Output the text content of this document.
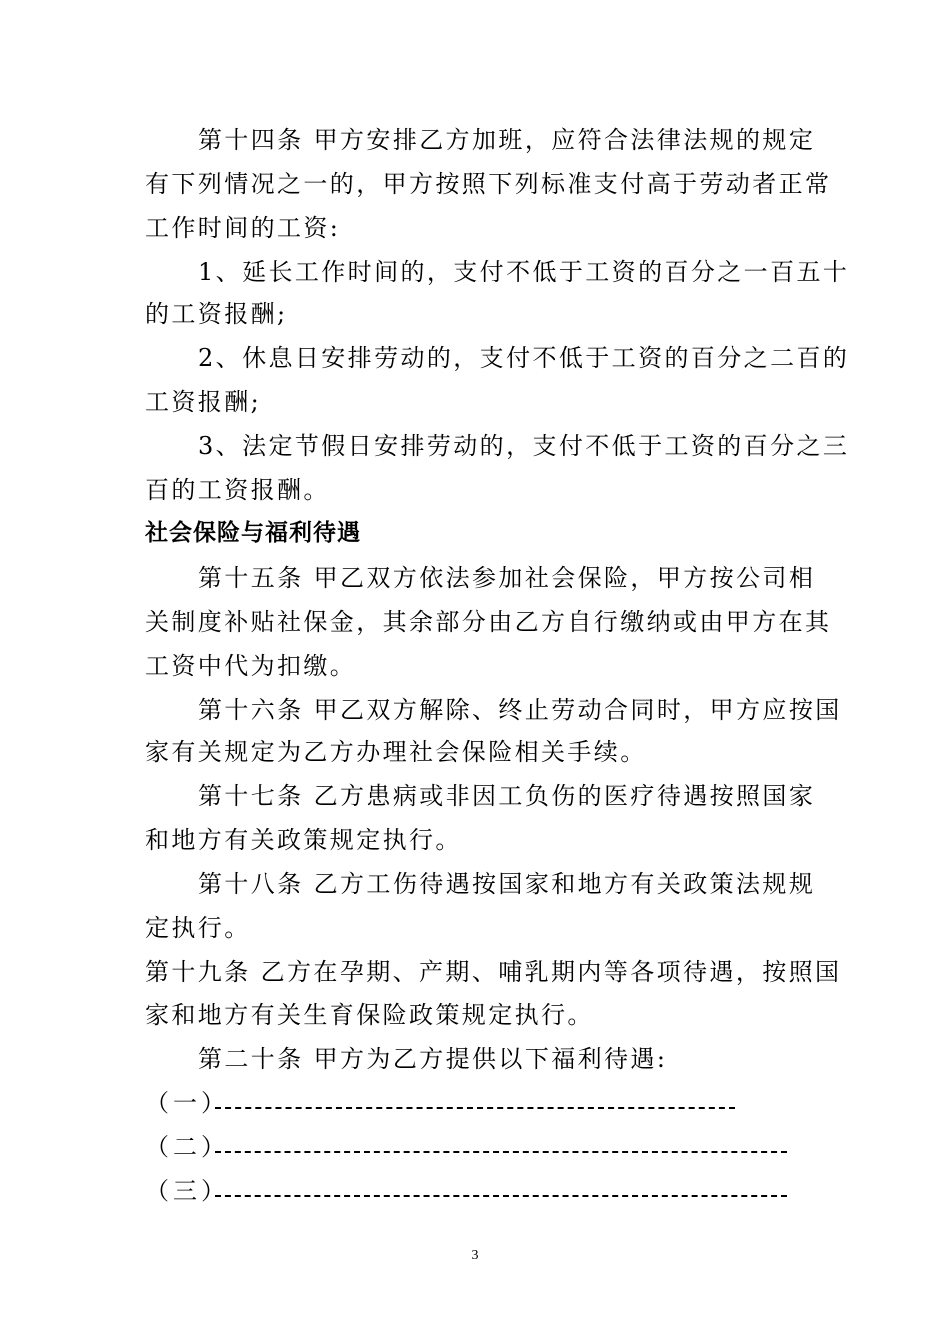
第十四条 甲方安排乙方加班，应符合法律法规的规定
有下列情况之一的，甲方按照下列标准支付高于劳动者正常
工作时间的工资:
1、延长工作时间的，支付不低于工资的百分之一百五十
的工资报酬;
2、休息日安排劳动的，支付不低于工资的百分之二百的
工资报酬;
3、法定节假日安排劳动的，支付不低于工资的百分之三
百的工资报酬。
社会保险与福利待遇
第十五条 甲乙双方依法参加社会保险，甲方按公司相
关制度补贴社保金，其余部分由乙方自行缴纳或由甲方在其
工资中代为扣缴。
第十六条 甲乙双方解除、终止劳动合同时，甲方应按国
家有关规定为乙方办理社会保险相关手续。
第十七条 乙方患病或非因工负伤的医疗待遇按照国家
和地方有关政策规定执行。
第十八条 乙方工伤待遇按国家和地方有关政策法规规
定执行。
第十九条 乙方在孕期、产期、哺乳期内等各项待遇，按照国
家和地方有关生育保险政策规定执行。
第二十条 甲方为乙方提供以下福利待遇:
（一）
（二）
（三）
3
